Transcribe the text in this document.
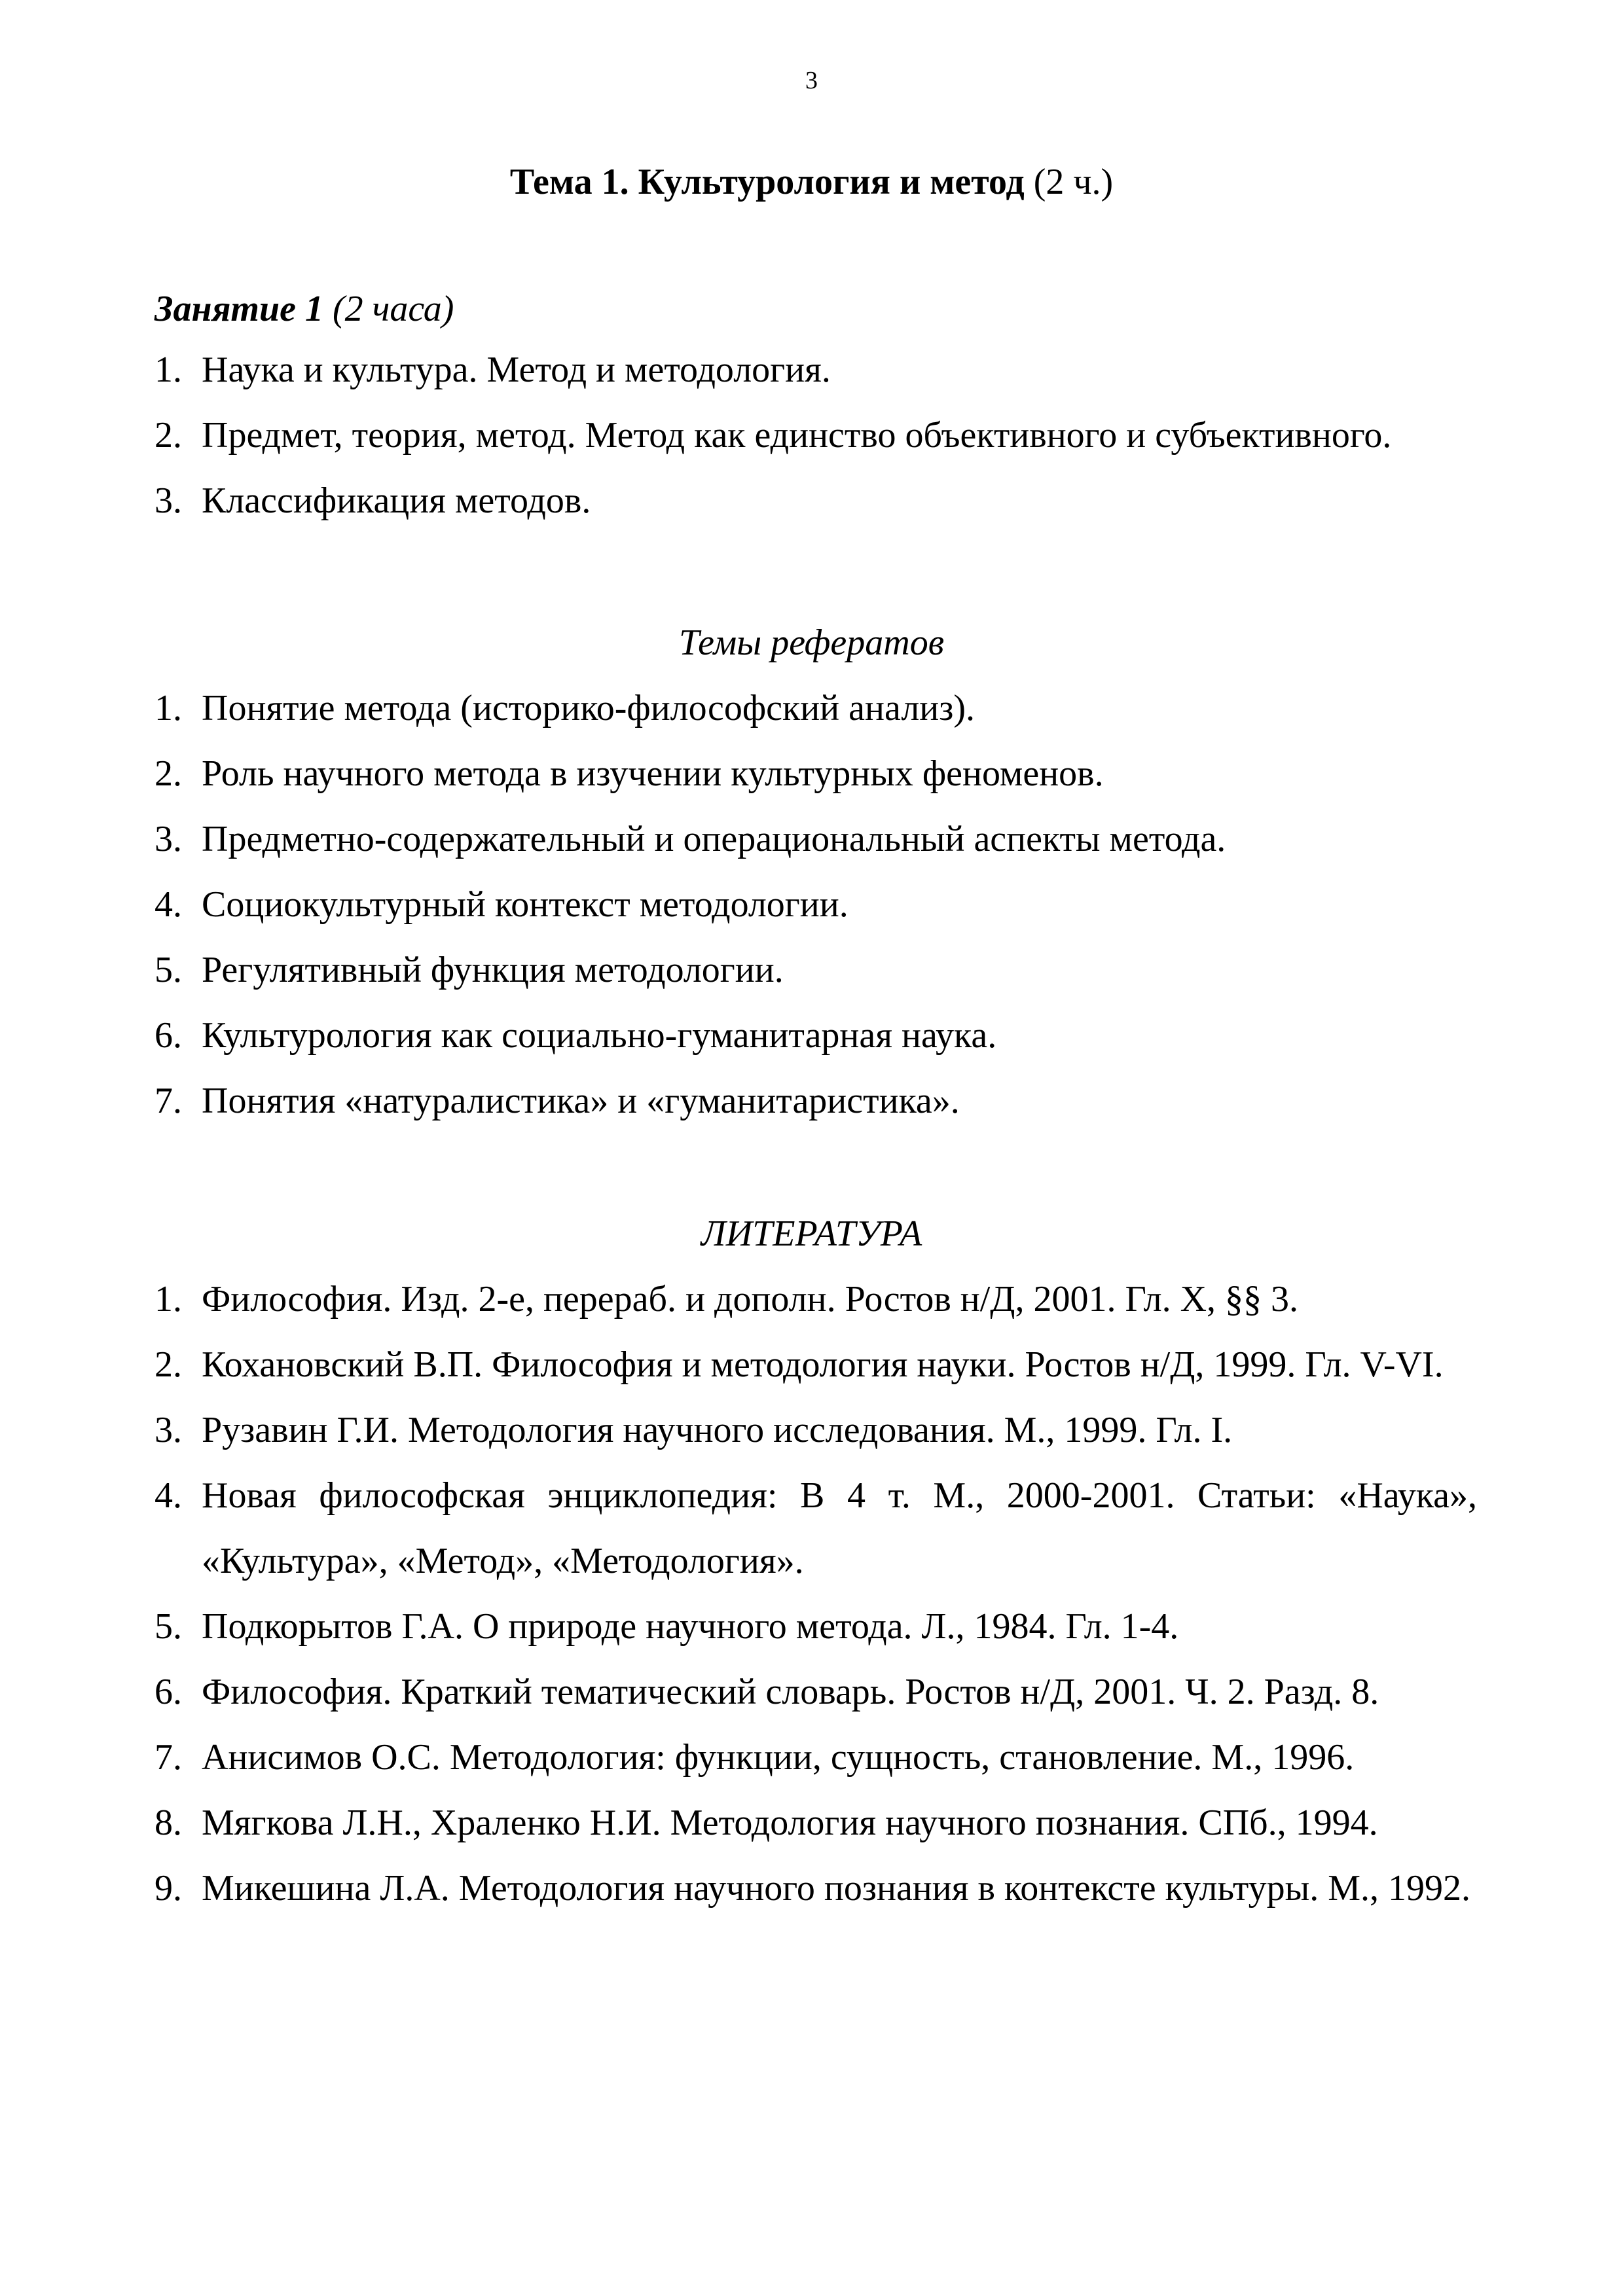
3
Тема 1. Культурология и метод (2 ч.)
Занятие 1 (2 часа)
1. Наука и культура. Метод и методология.
2. Предмет, теория, метод. Метод как единство объективного и субъективного.
3. Классификация методов.
Темы рефератов
1. Понятие метода (историко-философский анализ).
2. Роль научного метода в изучении культурных феноменов.
3. Предметно-содержательный и операциональный аспекты метода.
4. Социокультурный контекст методологии.
5. Регулятивный функция методологии.
6. Культурология как социально-гуманитарная наука.
7. Понятия «натуралистика» и «гуманитаристика».
ЛИТЕРАТУРА
1. Философия. Изд. 2-е, перераб. и дополн. Ростов н/Д, 2001. Гл. X, §§ 3.
2. Кохановский В.П. Философия и методология науки. Ростов н/Д, 1999. Гл. V-VI.
3. Рузавин Г.И. Методология научного исследования. М., 1999. Гл. I.
4. Новая философская энциклопедия: В 4 т. М., 2000-2001. Статьи: «Наука», «Культура», «Метод», «Методология».
5. Подкорытов Г.А. О природе научного метода. Л., 1984. Гл. 1-4.
6. Философия. Краткий тематический словарь. Ростов н/Д, 2001. Ч. 2. Разд. 8.
7. Анисимов О.С. Методология: функции, сущность, становление. М., 1996.
8. Мягкова Л.Н., Храленко Н.И. Методология научного познания. СПб., 1994.
9. Микешина Л.А. Методология научного познания в контексте культуры. М., 1992.
